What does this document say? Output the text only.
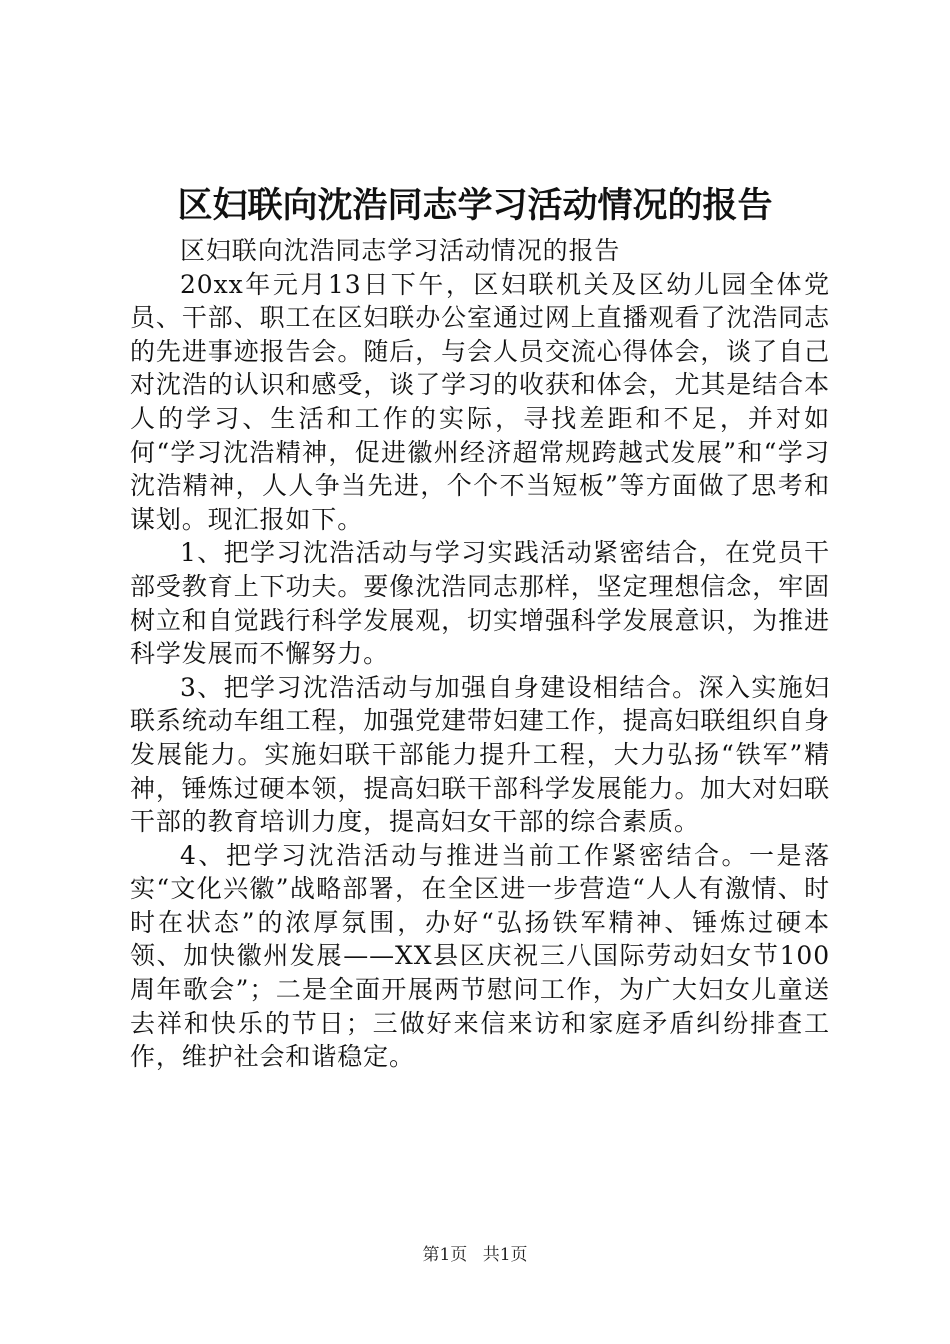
区妇联向沈浩同志学习活动情况的报告

区妇联向沈浩同志学习活动情况的报告

20xx年元月13日下午，区妇联机关及区幼儿园全体党员、干部、职工在区妇联办公室通过网上直播观看了沈浩同志的先进事迹报告会。随后，与会人员交流心得体会，谈了自己对沈浩的认识和感受，谈了学习的收获和体会，尤其是结合本人的学习、生活和工作的实际，寻找差距和不足，并对如何“学习沈浩精神，促进徽州经济超常规跨越式发展”和“学习沈浩精神，人人争当先进，个个不当短板”等方面做了思考和谋划。现汇报如下。

1、把学习沈浩活动与学习实践活动紧密结合，在党员干部受教育上下功夫。要像沈浩同志那样，坚定理想信念，牢固树立和自觉践行科学发展观，切实增强科学发展意识，为推进科学发展而不懈努力。

3、把学习沈浩活动与加强自身建设相结合。深入实施妇联系统动车组工程，加强党建带妇建工作，提高妇联组织自身发展能力。实施妇联干部能力提升工程，大力弘扬“铁军”精神，锤炼过硬本领，提高妇联干部科学发展能力。加大对妇联干部的教育培训力度，提高妇女干部的综合素质。

4、把学习沈浩活动与推进当前工作紧密结合。一是落实“文化兴徽”战略部署，在全区进一步营造“人人有激情、时时在状态”的浓厚氛围，办好“弘扬铁军精神、锤炼过硬本领、加快徽州发展——XX县区庆祝三八国际劳动妇女节100周年歌会”；二是全面开展两节慰问工作，为广大妇女儿童送去祥和快乐的节日；三做好来信来访和家庭矛盾纠纷排查工作，维护社会和谐稳定。

第1页 共1页
